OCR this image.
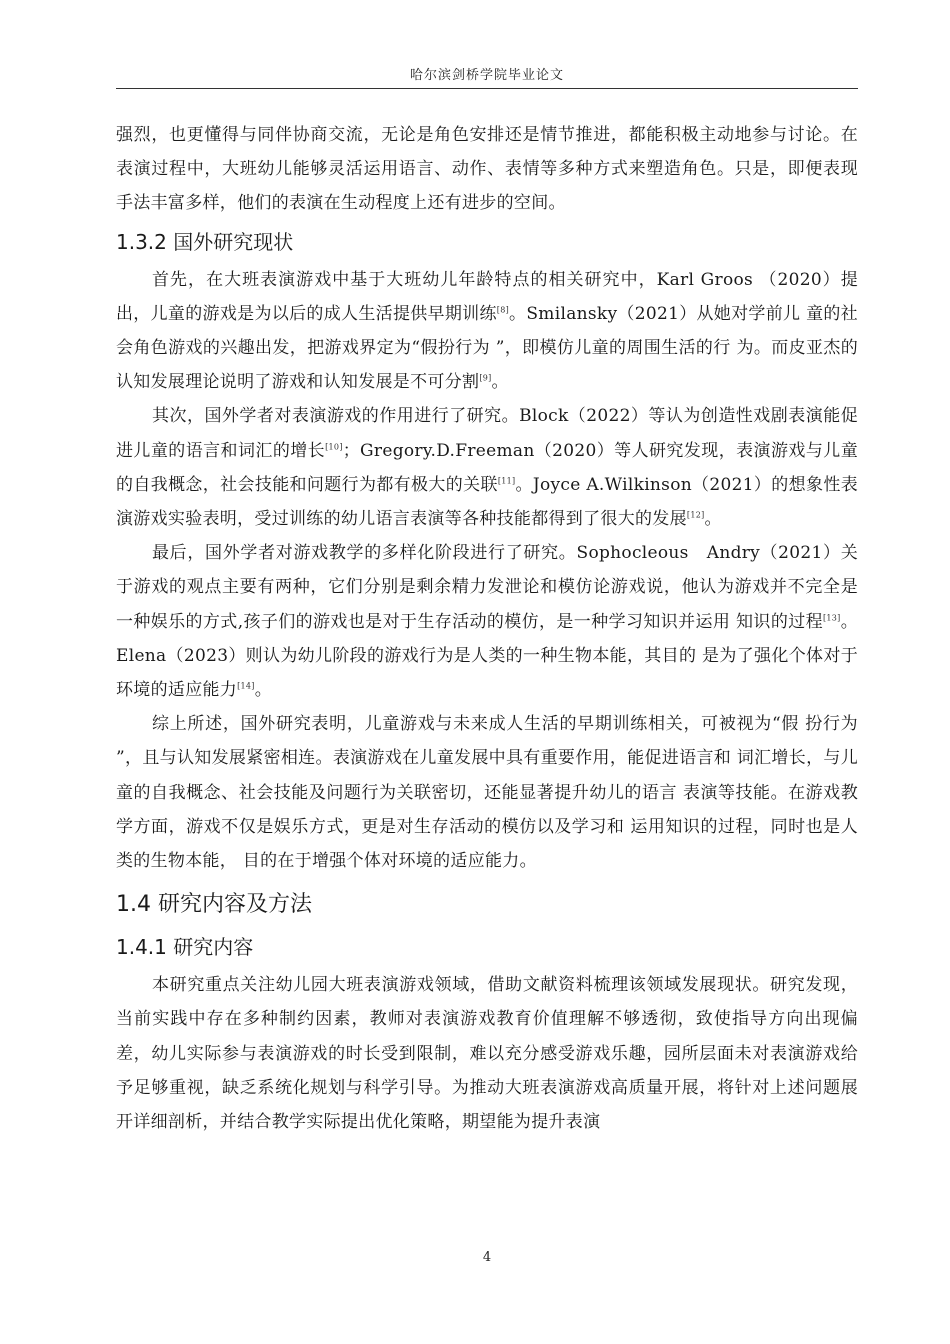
哈尔滨剑桥学院毕业论文

强烈，也更懂得与同伴协商交流，无论是角色安排还是情节推进，都能积极主动地参与讨论。在表演过程中，大班幼儿能够灵活运用语言、动作、表情等多种方式来塑造角色。只是，即便表现手法丰富多样，他们的表演在生动程度上还有进步的空间。

1.3.2 国外研究现状

首先，在大班表演游戏中基于大班幼儿年龄特点的相关研究中，Karl Groos （2020）提出，儿童的游戏是为以后的成人生活提供早期训练[8]。Smilansky（2021）从她对学前儿 童的社会角色游戏的兴趣出发，把游戏界定为“假扮行为 ”，即模仿儿童的周围生活的行 为。而皮亚杰的认知发展理论说明了游戏和认知发展是不可分割[9]。

其次，国外学者对表演游戏的作用进行了研究。Block（2022）等认为创造性戏剧表演能促进儿童的语言和词汇的增长[10]；Gregory.D.Freeman（2020）等人研究发现，表演游戏与儿童的自我概念，社会技能和问题行为都有极大的关联[11]。Joyce A.Wilkinson（2021）的想象性表演游戏实验表明，受过训练的幼儿语言表演等各种技能都得到了很大的发展[12]。

最后，国外学者对游戏教学的多样化阶段进行了研究。Sophocleous　Andry（2021）关于游戏的观点主要有两种，它们分别是剩余精力发泄论和模仿论游戏说，他认为游戏并不完全是一种娱乐的方式,孩子们的游戏也是对于生存活动的模仿，是一种学习知识并运用 知识的过程[13]。Elena（2023）则认为幼儿阶段的游戏行为是人类的一种生物本能，其目的 是为了强化个体对于环境的适应能力[14]。

综上所述，国外研究表明，儿童游戏与未来成人生活的早期训练相关，可被视为“假 扮行为 ”，且与认知发展紧密相连。表演游戏在儿童发展中具有重要作用，能促进语言和 词汇增长，与儿童的自我概念、社会技能及问题行为关联密切，还能显著提升幼儿的语言 表演等技能。在游戏教学方面，游戏不仅是娱乐方式，更是对生存活动的模仿以及学习和 运用知识的过程，同时也是人类的生物本能， 目的在于增强个体对环境的适应能力。

1.4 研究内容及方法
1.4.1 研究内容

本研究重点关注幼儿园大班表演游戏领域，借助文献资料梳理该领域发展现状。研究发现，当前实践中存在多种制约因素，教师对表演游戏教育价值理解不够透彻，致使指导方向出现偏差，幼儿实际参与表演游戏的时长受到限制，难以充分感受游戏乐趣，园所层面未对表演游戏给予足够重视，缺乏系统化规划与科学引导。为推动大班表演游戏高质量开展，将针对上述问题展开详细剖析，并结合教学实际提出优化策略，期望能为提升表演

4
